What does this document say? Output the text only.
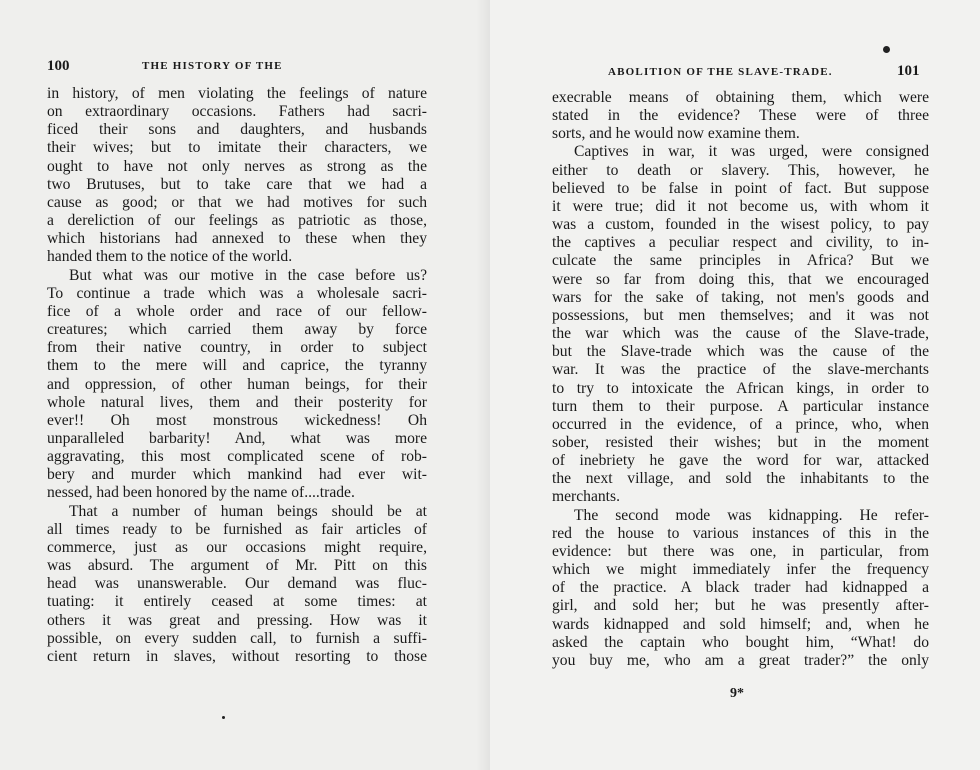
100	THE HISTORY OF THE
in history, of men violating the feelings of nature
on extraordinary occasions. Fathers had sacri-
ficed their sons and daughters, and husbands
their wives; but to imitate their characters, we
ought to have not only nerves as strong as the
two Brutuses, but to take care that we had a
cause as good; or that we had motives for such
a dereliction of our feelings as patriotic as those,
which historians had annexed to these when they
handed them to the notice of the world.
But what was our motive in the case before us?
To continue a trade which was a wholesale sacri-
fice of a whole order and race of our fellow-
creatures; which carried them away by force
from their native country, in order to subject
them to the mere will and caprice, the tyranny
and oppression, of other human beings, for their
whole natural lives, them and their posterity for
ever!! Oh most monstrous wickedness! Oh
unparalleled barbarity! And, what was more
aggravating, this most complicated scene of rob-
bery and murder which mankind had ever wit-
nessed, had been honored by the name of....trade.
That a number of human beings should be at
all times ready to be furnished as fair articles of
commerce, just as our occasions might require,
was absurd. The argument of Mr. Pitt on this
head was unanswerable. Our demand was fluc-
tuating: it entirely ceased at some times: at
others it was great and pressing. How was it
possible, on every sudden call, to furnish a suffi-
cient return in slaves, without resorting to those
ABOLITION OF THE SLAVE-TRADE.	101
execrable means of obtaining them, which were
stated in the evidence? These were of three
sorts, and he would now examine them.
Captives in war, it was urged, were consigned
either to death or slavery. This, however, he
believed to be false in point of fact. But suppose
it were true; did it not become us, with whom it
was a custom, founded in the wisest policy, to pay
the captives a peculiar respect and civility, to in-
culcate the same principles in Africa? But we
were so far from doing this, that we encouraged
wars for the sake of taking, not men's goods and
possessions, but men themselves; and it was not
the war which was the cause of the Slave-trade,
but the Slave-trade which was the cause of the
war. It was the practice of the slave-merchants
to try to intoxicate the African kings, in order to
turn them to their purpose. A particular instance
occurred in the evidence, of a prince, who, when
sober, resisted their wishes; but in the moment
of inebriety he gave the word for war, attacked
the next village, and sold the inhabitants to the
merchants.
The second mode was kidnapping. He refer-
red the house to various instances of this in the
evidence: but there was one, in particular, from
which we might immediately infer the frequency
of the practice. A black trader had kidnapped a
girl, and sold her; but he was presently after-
wards kidnapped and sold himself; and, when he
asked the captain who bought him, “What! do
you buy me, who am a great trader?” the only
9*
